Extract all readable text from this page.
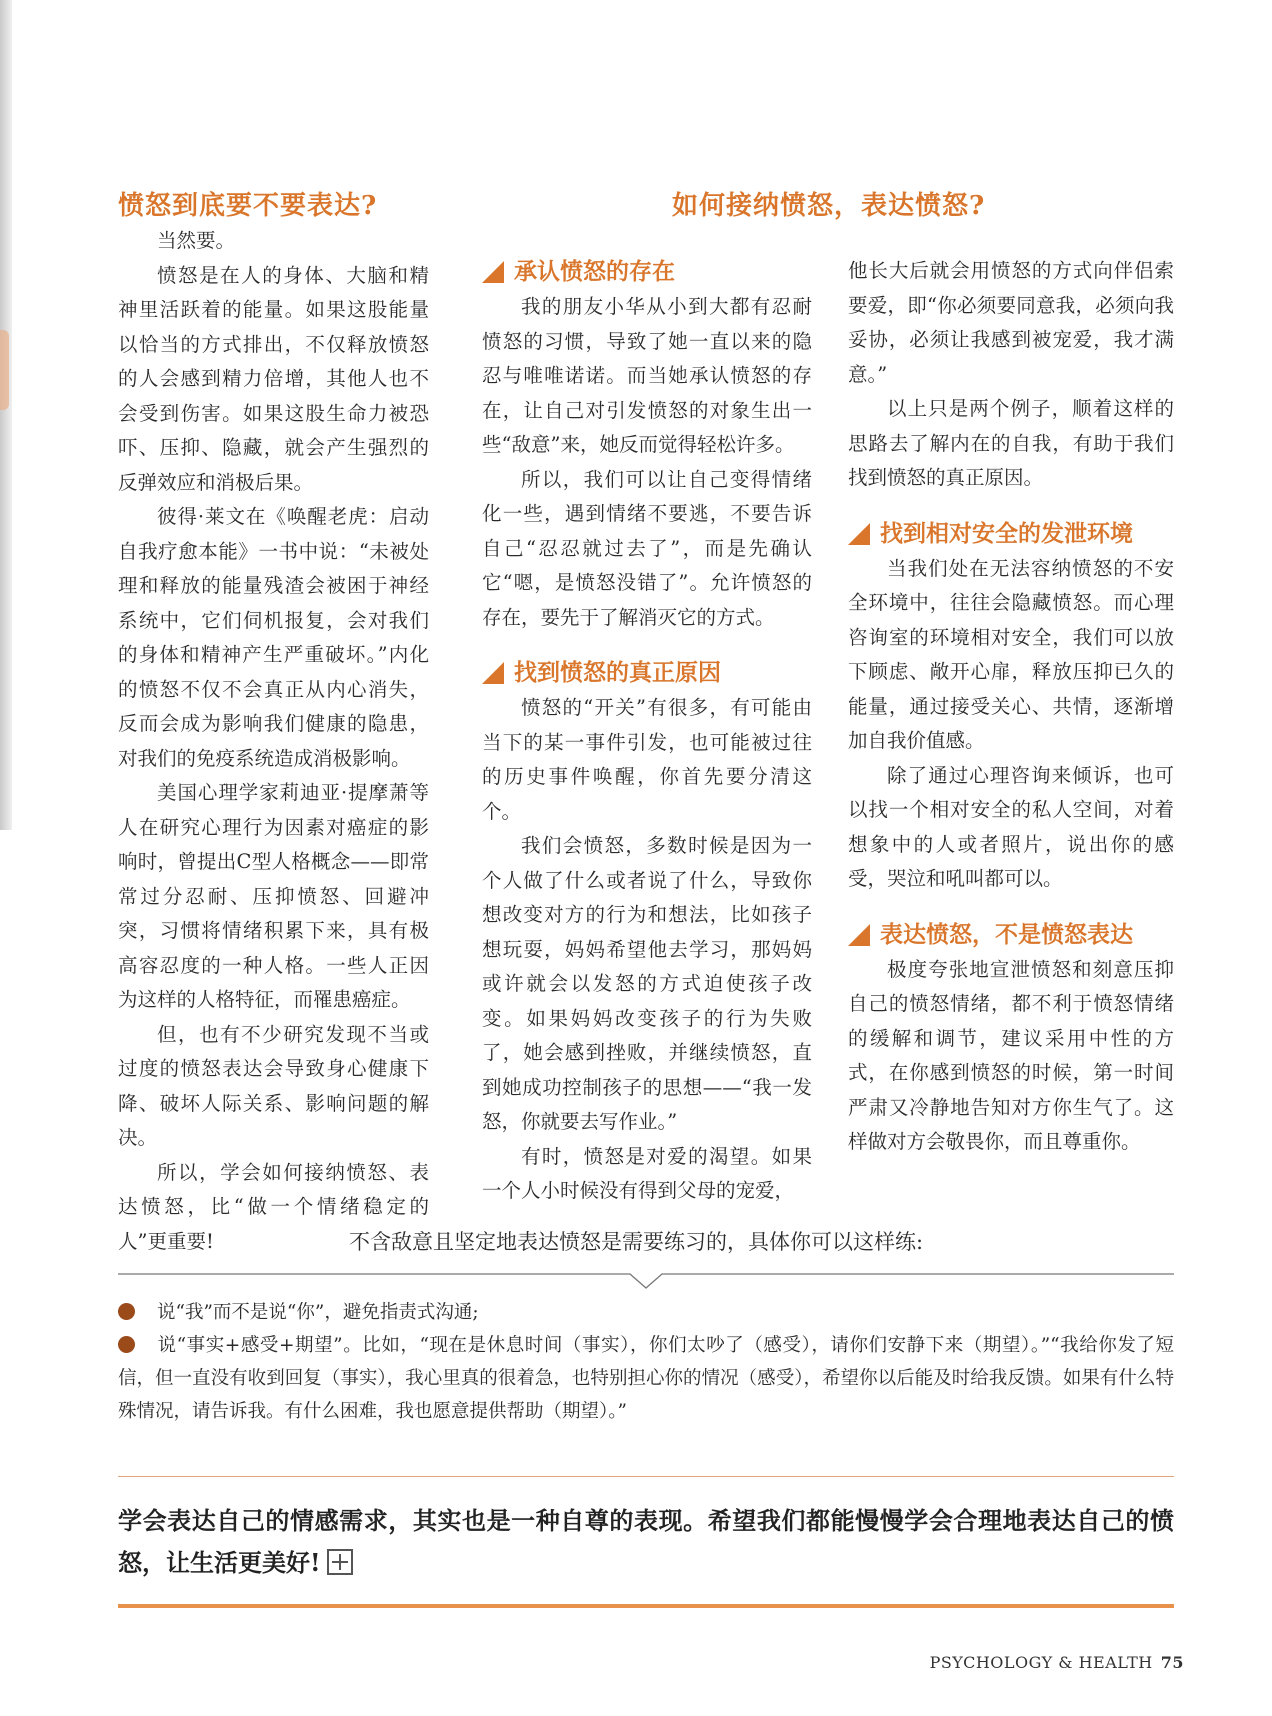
愤怒到底要不要表达?

当然要。

愤怒是在人的身体、大脑和精神里活跃着的能量。如果这股能量以恰当的方式排出，不仅释放愤怒的人会感到精力倍增，其他人也不会受到伤害。如果这股生命力被恐吓、压抑、隐藏，就会产生强烈的反弹效应和消极后果。

彼得·莱文在《唤醒老虎：启动自我疗愈本能》一书中说：“未被处理和释放的能量残渣会被困于神经系统中，它们伺机报复，会对我们的身体和精神产生严重破坏。”内化的愤怒不仅不会真正从内心消失，反而会成为影响我们健康的隐患，对我们的免疫系统造成消极影响。

美国心理学家莉迪亚·提摩萧等人在研究心理行为因素对癌症的影响时，曾提出C型人格概念——即常常过分忍耐、压抑愤怒、回避冲突，习惯将情绪积累下来，具有极高容忍度的一种人格。一些人正因为这样的人格特征，而罹患癌症。

但，也有不少研究发现不当或过度的愤怒表达会导致身心健康下降、破坏人际关系、影响问题的解决。

所以，学会如何接纳愤怒、表达愤怒，比“做一个情绪稳定的人”更重要!

如何接纳愤怒，表达愤怒?
承认愤怒的存在

我的朋友小华从小到大都有忍耐愤怒的习惯，导致了她一直以来的隐忍与唯唯诺诺。而当她承认愤怒的存在，让自己对引发愤怒的对象生出一些“敌意”来，她反而觉得轻松许多。

所以，我们可以让自己变得情绪化一些，遇到情绪不要逃，不要告诉自己“忍忍就过去了”，而是先确认它“嗯，是愤怒没错了”。允许愤怒的存在，要先于了解消灭它的方式。

找到愤怒的真正原因

愤怒的“开关”有很多，有可能由当下的某一事件引发，也可能被过往的历史事件唤醒，你首先要分清这个。

我们会愤怒，多数时候是因为一个人做了什么或者说了什么，导致你想改变对方的行为和想法，比如孩子想玩耍，妈妈希望他去学习，那妈妈或许就会以发怒的方式迫使孩子改变。如果妈妈改变孩子的行为失败了，她会感到挫败，并继续愤怒，直到她成功控制孩子的思想——“我一发怒，你就要去写作业。”

有时，愤怒是对爱的渴望。如果一个人小时候没有得到父母的宠爱，

他长大后就会用愤怒的方式向伴侣索要爱，即“你必须要同意我，必须向我妥协，必须让我感到被宠爱，我才满意。”

以上只是两个例子，顺着这样的思路去了解内在的自我，有助于我们找到愤怒的真正原因。

找到相对安全的发泄环境

当我们处在无法容纳愤怒的不安全环境中，往往会隐藏愤怒。而心理咨询室的环境相对安全，我们可以放下顾虑、敞开心扉，释放压抑已久的能量，通过接受关心、共情，逐渐增加自我价值感。

除了通过心理咨询来倾诉，也可以找一个相对安全的私人空间，对着想象中的人或者照片，说出你的感受，哭泣和吼叫都可以。

表达愤怒，不是愤怒表达

极度夸张地宣泄愤怒和刻意压抑自己的愤怒情绪，都不利于愤怒情绪的缓解和调节，建议采用中性的方式，在你感到愤怒的时候，第一时间严肃又冷静地告知对方你生气了。这样做对方会敬畏你，而且尊重你。

不含敌意且坚定地表达愤怒是需要练习的，具体你可以这样练:

说“我”而不是说“你”，避免指责式沟通;

说“事实+感受+期望”。比如，“现在是休息时间（事实），你们太吵了（感受），请你们安静下来（期望）。”“我给你发了短信，但一直没有收到回复（事实），我心里真的很着急，也特别担心你的情况（感受），希望你以后能及时给我反馈。如果有什么特殊情况，请告诉我。有什么困难，我也愿意提供帮助（期望）。”

学会表达自己的情感需求，其实也是一种自尊的表现。希望我们都能慢慢学会合理地表达自己的愤怒，让生活更美好!
PSYCHOLOGY & HEALTH 75
